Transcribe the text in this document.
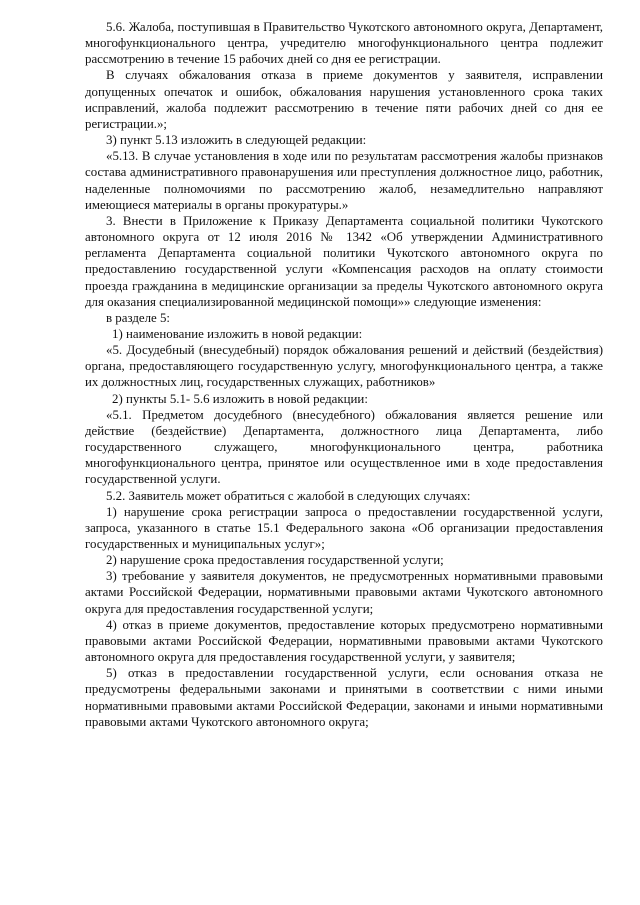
5.6. Жалоба, поступившая в Правительство Чукотского автономного округа, Департамент, многофункционального центра, учредителю многофункционального центра подлежит рассмотрению в течение 15 рабочих дней со дня ее регистрации.

В случаях обжалования отказа в приеме документов у заявителя, исправлении допущенных опечаток и ошибок, обжалования нарушения установленного срока таких исправлений, жалоба подлежит рассмотрению в течение пяти рабочих дней со дня ее регистрации.»;

3) пункт 5.13 изложить в следующей редакции:

«5.13. В случае установления в ходе или по результатам рассмотрения жалобы признаков состава административного правонарушения или преступления должностное лицо, работник, наделенные полномочиями по рассмотрению жалоб, незамедлительно направляют имеющиеся материалы в органы прокуратуры.»

3. Внести в Приложение к Приказу Департамента социальной политики Чукотского автономного округа от 12 июля 2016 № 1342 «Об утверждении Административного регламента Департамента социальной политики Чукотского автономного округа по предоставлению государственной услуги «Компенсация расходов на оплату стоимости проезда гражданина в медицинские организации за пределы Чукотского автономного округа для оказания специализированной медицинской помощи»» следующие изменения:

в разделе 5:

1) наименование изложить в новой редакции:

«5. Досудебный (внесудебный) порядок обжалования решений и действий (бездействия) органа, предоставляющего государственную услугу, многофункционального центра, а также их должностных лиц, государственных служащих, работников»

2) пункты 5.1- 5.6 изложить в новой редакции:

«5.1. Предметом досудебного (внесудебного) обжалования является решение или действие (бездействие) Департамента, должностного лица Департамента, либо государственного служащего, многофункционального центра, работника многофункционального центра, принятое или осуществленное ими в ходе предоставления государственной услуги.

5.2. Заявитель может обратиться с жалобой в следующих случаях:

1) нарушение срока регистрации запроса о предоставлении государственной услуги, запроса, указанного в статье 15.1 Федерального закона «Об организации предоставления государственных и муниципальных услуг»;

2) нарушение срока предоставления государственной услуги;

3) требование у заявителя документов, не предусмотренных нормативными правовыми актами Российской Федерации, нормативными правовыми актами Чукотского автономного округа для предоставления государственной услуги;

4) отказ в приеме документов, предоставление которых предусмотрено нормативными правовыми актами Российской Федерации, нормативными правовыми актами Чукотского автономного округа для предоставления государственной услуги, у заявителя;

5) отказ в предоставлении государственной услуги, если основания отказа не предусмотрены федеральными законами и принятыми в соответствии с ними иными нормативными правовыми актами Российской Федерации, законами и иными нормативными правовыми актами Чукотского автономного округа;
